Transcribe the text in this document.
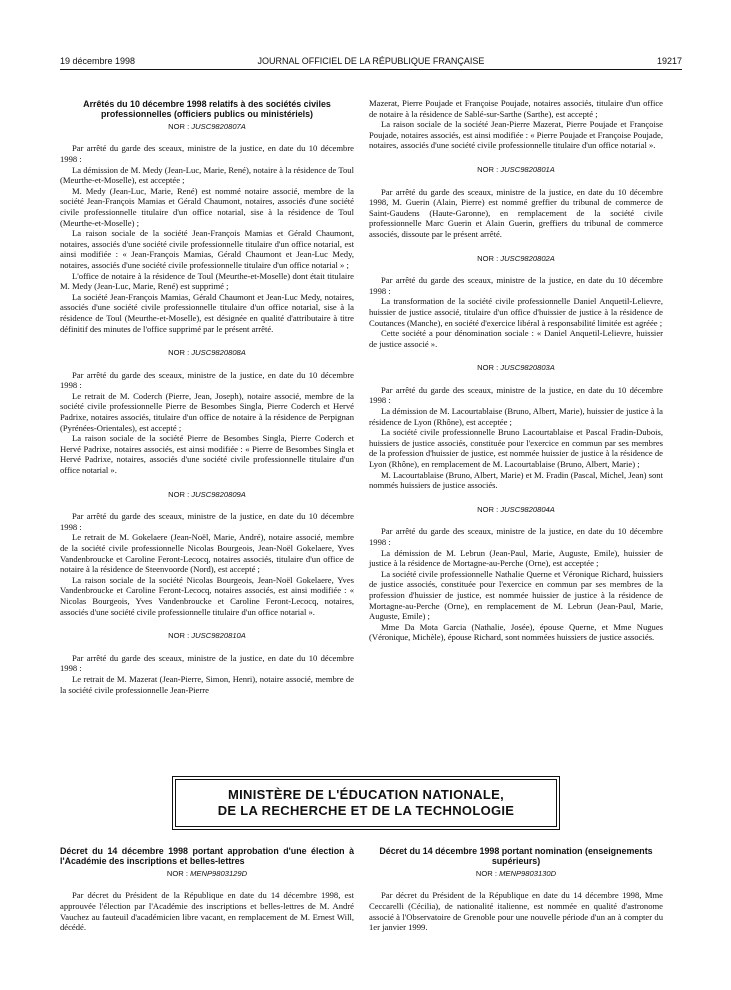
19 décembre 1998	JOURNAL OFFICIEL DE LA RÉPUBLIQUE FRANÇAISE	19217

Arrêtés du 10 décembre 1998 relatifs à des sociétés civiles professionnelles (officiers publics ou ministériels)

NOR : JUSC9820807A

Par arrêté du garde des sceaux, ministre de la justice, en date du 10 décembre 1998 :

La démission de M. Medy (Jean-Luc, Marie, René), notaire à la résidence de Toul (Meurthe-et-Moselle), est acceptée ;

M. Medy (Jean-Luc, Marie, René) est nommé notaire associé, membre de la société Jean-François Mamias et Gérald Chaumont, notaires, associés d'une société civile professionnelle titulaire d'un office notarial, sise à la résidence de Toul (Meurthe-et-Moselle) ;

La raison sociale de la société Jean-François Mamias et Gérald Chaumont, notaires, associés d'une société civile professionnelle titulaire d'un office notarial, est ainsi modifiée : « Jean-François Mamias, Gérald Chaumont et Jean-Luc Medy, notaires, associés d'une société civile professionnelle titulaire d'un office notarial » ;

L'office de notaire à la résidence de Toul (Meurthe-et-Moselle) dont était titulaire M. Medy (Jean-Luc, Marie, René) est supprimé ;

La société Jean-François Mamias, Gérald Chaumont et Jean-Luc Medy, notaires, associés d'une société civile professionnelle titulaire d'un office notarial, sise à la résidence de Toul (Meurthe-et-Moselle), est désignée en qualité d'attributaire à titre définitif des minutes de l'office supprimé par le présent arrêté.

NOR : JUSC9820808A

Par arrêté du garde des sceaux, ministre de la justice, en date du 10 décembre 1998 :

Le retrait de M. Coderch (Pierre, Jean, Joseph), notaire associé, membre de la société civile professionnelle Pierre de Besombes Singla, Pierre Coderch et Hervé Padrixe, notaires associés, titulaire d'un office de notaire à la résidence de Perpignan (Pyrénées-Orientales), est accepté ;

La raison sociale de la société Pierre de Besombes Singla, Pierre Coderch et Hervé Padrixe, notaires associés, est ainsi modifiée : « Pierre de Besombes Singla et Hervé Padrixe, notaires, associés d'une société civile professionnelle titulaire d'un office notarial ».

NOR : JUSC9820809A

Par arrêté du garde des sceaux, ministre de la justice, en date du 10 décembre 1998 :

Le retrait de M. Gokelaere (Jean-Noël, Marie, André), notaire associé, membre de la société civile professionnelle Nicolas Bourgeois, Jean-Noël Gokelaere, Yves Vandenbroucke et Caroline Feront-Lecocq, notaires associés, titulaire d'un office de notaire à la résidence de Steenvoorde (Nord), est accepté ;

La raison sociale de la société Nicolas Bourgeois, Jean-Noël Gokelaere, Yves Vandenbroucke et Caroline Feront-Lecocq, notaires associés, est ainsi modifiée : « Nicolas Bourgeois, Yves Vandenbroucke et Caroline Feront-Lecocq, notaires, associés d'une société civile professionnelle titulaire d'un office notarial ».

NOR : JUSC9820810A

Par arrêté du garde des sceaux, ministre de la justice, en date du 10 décembre 1998 :

Le retrait de M. Mazerat (Jean-Pierre, Simon, Henri), notaire associé, membre de la société civile professionnelle Jean-Pierre

Mazerat, Pierre Poujade et Françoise Poujade, notaires associés, titulaire d'un office de notaire à la résidence de Sablé-sur-Sarthe (Sarthe), est accepté ;

La raison sociale de la société Jean-Pierre Mazerat, Pierre Poujade et Françoise Poujade, notaires associés, est ainsi modifiée : « Pierre Poujade et Françoise Poujade, notaires, associés d'une société civile professionnelle titulaire d'un office notarial ».

NOR : JUSC9820801A

Par arrêté du garde des sceaux, ministre de la justice, en date du 10 décembre 1998, M. Guerin (Alain, Pierre) est nommé greffier du tribunal de commerce de Saint-Gaudens (Haute-Garonne), en remplacement de la société civile professionnelle Marc Guerin et Alain Guerin, greffiers du tribunal de commerce associés, dissoute par le présent arrêté.

NOR : JUSC9820802A

Par arrêté du garde des sceaux, ministre de la justice, en date du 10 décembre 1998 :

La transformation de la société civile professionnelle Daniel Anquetil-Lelievre, huissier de justice associé, titulaire d'un office d'huissier de justice à la résidence de Coutances (Manche), en société d'exercice libéral à responsabilité limitée est agréée ;

Cette société a pour dénomination sociale : « Daniel Anquetil-Lelievre, huissier de justice associé ».

NOR : JUSC9820803A

Par arrêté du garde des sceaux, ministre de la justice, en date du 10 décembre 1998 :

La démission de M. Lacourtablaise (Bruno, Albert, Marie), huissier de justice à la résidence de Lyon (Rhône), est acceptée ;

La société civile professionnelle Bruno Lacourtablaise et Pascal Fradin-Dubois, huissiers de justice associés, constituée pour l'exercice en commun par ses membres de la profession d'huissier de justice, est nommée huissier de justice à la résidence de Lyon (Rhône), en remplacement de M. Lacourtablaise (Bruno, Albert, Marie) ;

M. Lacourtablaise (Bruno, Albert, Marie) et M. Fradin (Pascal, Michel, Jean) sont nommés huissiers de justice associés.

NOR : JUSC9820804A

Par arrêté du garde des sceaux, ministre de la justice, en date du 10 décembre 1998 :

La démission de M. Lebrun (Jean-Paul, Marie, Auguste, Emile), huissier de justice à la résidence de Mortagne-au-Perche (Orne), est acceptée ;

La société civile professionnelle Nathalie Querne et Véronique Richard, huissiers de justice associés, constituée pour l'exercice en commun par ses membres de la profession d'huissier de justice, est nommée huissier de justice à la résidence de Mortagne-au-Perche (Orne), en remplacement de M. Lebrun (Jean-Paul, Marie, Auguste, Emile) ;

Mme Da Mota Garcia (Nathalie, Josée), épouse Querne, et Mme Nugues (Véronique, Michèle), épouse Richard, sont nommées huissiers de justice associés.

MINISTÈRE DE L'ÉDUCATION NATIONALE,
DE LA RECHERCHE ET DE LA TECHNOLOGIE

Décret du 14 décembre 1998 portant approbation d'une élection à l'Académie des inscriptions et belles-lettres

NOR : MENP9803129D

Par décret du Président de la République en date du 14 décembre 1998, est approuvée l'élection par l'Académie des inscriptions et belles-lettres de M. André Vauchez au fauteuil d'académicien libre vacant, en remplacement de M. Ernest Will, décédé.

Décret du 14 décembre 1998 portant nomination (enseignements supérieurs)

NOR : MENP9803130D

Par décret du Président de la République en date du 14 décembre 1998, Mme Ceccarelli (Cécilia), de nationalité italienne, est nommée en qualité d'astronome associé à l'Observatoire de Grenoble pour une nouvelle période d'un an à compter du 1er janvier 1999.
